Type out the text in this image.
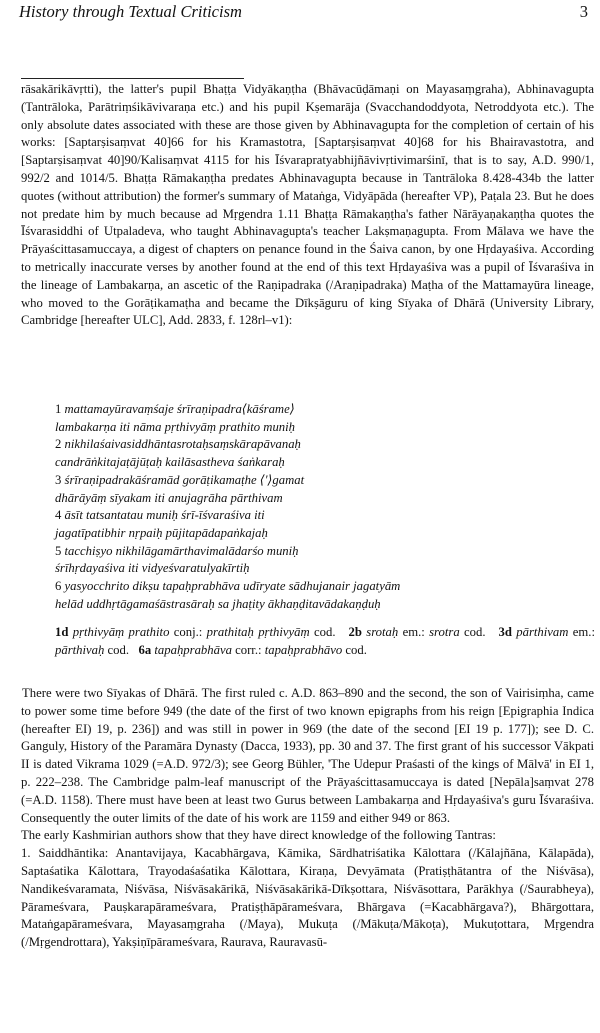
History through Textual Criticism	3

rāsakārikāvṛtti), the latter's pupil Bhaṭṭa Vidyākaṇṭha (Bhāvacūḍāmaṇi on Mayasaṃgraha), Abhinavagupta (Tantrāloka, Parātriṃśikāvivaraṇa etc.) and his pupil Kṣemarāja (Svacchandoddyota, Netroddyota etc.). The only absolute dates associated with these are those given by Abhinavagupta for the completion of certain of his works: [Saptarṣisaṃvat 40]66 for his Kramastotra, [Saptarṣisaṃvat 40]68 for his Bhairavastotra, and [Saptarṣisaṃvat 40]90/Kalisaṃvat 4115 for his Īśvarapratyabhijñāvivṛtivimarśinī, that is to say, A.D. 990/1, 992/2 and 1014/5. Bhaṭṭa Rāmakaṇṭha predates Abhinavagupta because in Tantrāloka 8.428-434b the latter quotes (without attribution) the former's summary of Mataṅga, Vidyāpāda (hereafter VP), Paṭala 23. But he does not predate him by much because ad Mṛgendra 1.11 Bhaṭṭa Rāmakaṇṭha's father Nārāyaṇakaṇṭha quotes the Īśvarasiddhi of Utpaladeva, who taught Abhinavagupta's teacher Lakṣmaṇagupta. From Mālava we have the Prāyaścittasamuccaya, a digest of chapters on penance found in the Śaiva canon, by one Hṛdayaśiva. According to metrically inaccurate verses by another found at the end of this text Hṛdayaśiva was a pupil of Īśvaraśiva in the lineage of Lambakarṇa, an ascetic of the Raṇipadraka (/Araṇipadraka) Maṭha of the Mattamayūra lineage, who moved to the Gorāṭikamaṭha and became the Dīkṣāguru of king Sīyaka of Dhārā (University Library, Cambridge [hereafter ULC], Add. 2833, f. 128rl–v1):

1 mattamayūravaṃśaje śrīraṇipadra⟨kāśrame⟩
lambakarṇa iti nāma pṛthivyāṃ prathito muniḥ
2 nikhilaśaivasiddhāntasrotaḥsaṃskārapāvanaḥ
candrāṅkitajaṭājūṭaḥ kailāsastheva śaṅkaraḥ
3 śrīraṇipadrakāśramād gorāṭikamaṭhe ⟨'⟩gamat
dhārāyāṃ sīyakam iti anujagrāha pārthivam
4 āsīt tatsantatau muniḥ śrī-īśvaraśiva iti
jagatīpatibhir nṛpaiḥ pūjitapādapaṅkajaḥ
5 tacchiṣyo nikhilāgamārthavimalādarśo muniḥ
śrīhṛdayaśiva iti vidyeśvaratulyakīrtiḥ
6 yasyocchrito dikṣu tapaḥprabhāva udīryate sādhujanair jagatyām
helād uddhṛtāgamaśāstrasāraḥ sa jhaṭity ākhaṇḍitavādakaṇḍuḥ

1d pṛthivyāṃ prathito conj.: prathitaḥ pṛthivyāṃ cod. 2b srotaḥ em.: srotra cod. 3d pārthivam em.: pārthivaḥ cod. 6a tapaḥprabhāva corr.: tapaḥprabhāvo cod.

There were two Sīyakas of Dhārā. The first ruled c. A.D. 863–890 and the second, the son of Vairisiṃha, came to power some time before 949 (the date of the first of two known epigraphs from his reign [Epigraphia Indica (hereafter EI) 19, p. 236]) and was still in power in 969 (the date of the second [EI 19 p. 177]); see D. C. Ganguly, History of the Paramāra Dynasty (Dacca, 1933), pp. 30 and 37. The first grant of his successor Vākpati II is dated Vikrama 1029 (=A.D. 972/3); see Georg Bühler, 'The Udepur Praśasti of the kings of Mālvā' in EI 1, p. 222–238. The Cambridge palm-leaf manuscript of the Prāyaścittasamuccaya is dated [Nepāla]saṃvat 278 (=A.D. 1158). There must have been at least two Gurus between Lambakarṇa and Hṛdayaśiva's guru Īśvaraśiva. Consequently the outer limits of the date of his work are 1159 and either 949 or 863.

The early Kashmirian authors show that they have direct knowledge of the following Tantras:

1. Saiddhāntika: Anantavijaya, Kacabhārgava, Kāmika, Sārdhatriśatika Kālottara (/Kālajñāna, Kālapāda), Saptaśatika Kālottara, Trayodaśaśatika Kālottara, Kiraṇa, Devyāmata (Pratiṣṭhātantra of the Niśvāsa), Nandikeśvaramata, Niśvāsa, Niśvāsakārikā, Niśvāsakārikā-Dīkṣottara, Niśvāsottara, Parākhya (/Saurabheya), Pārameśvara, Pauṣkarapārameśvara, Pratiṣṭhāpārameśvara, Bhārgava (=Kacabhārgava?), Bhārgottara, Mataṅgapārameśvara, Mayasaṃgraha (/Maya), Mukuṭa (/Mākuṭa/Mākoṭa), Mukuṭottara, Mṛgendra (/Mṛgendrottara), Yakṣiṇīpārameśvara, Raurava, Rauravasū-
